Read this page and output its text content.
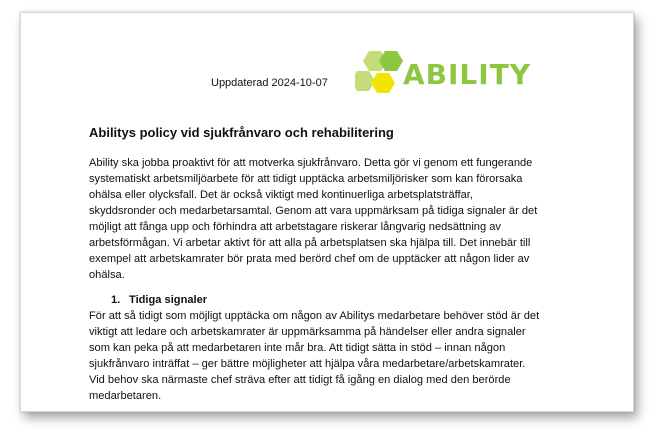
Uppdaterad 2024-10-07	ABILITY
Abilitys policy vid sjukfrånvaro och rehabilitering

Ability ska jobba proaktivt för att motverka sjukfrånvaro. Detta gör vi genom ett fungerande

systematiskt arbetsmiljöarbete för att tidigt upptäcka arbetsmiljörisker som kan förorsaka

ohälsa eller olycksfall. Det är också viktigt med kontinuerliga arbetsplatsträffar,

skyddsronder och medarbetarsamtal. Genom att vara uppmärksam på tidiga signaler är det

möjligt att fånga upp och förhindra att arbetstagare riskerar långvarig nedsättning av

arbetsförmågan. Vi arbetar aktivt för att alla på arbetsplatsen ska hjälpa till. Det innebär till

exempel att arbetskamrater bör prata med berörd chef om de upptäcker att någon lider av

ohälsa.

1. Tidiga signaler

För att så tidigt som möjligt upptäcka om någon av Abilitys medarbetare behöver stöd är det

viktigt att ledare och arbetskamrater är uppmärksamma på händelser eller andra signaler

som kan peka på att medarbetaren inte mår bra. Att tidigt sätta in stöd – innan någon

sjukfrånvaro inträffat – ger bättre möjligheter att hjälpa våra medarbetare/arbetskamrater.

Vid behov ska närmaste chef sträva efter att tidigt få igång en dialog med den berörde

medarbetaren.
